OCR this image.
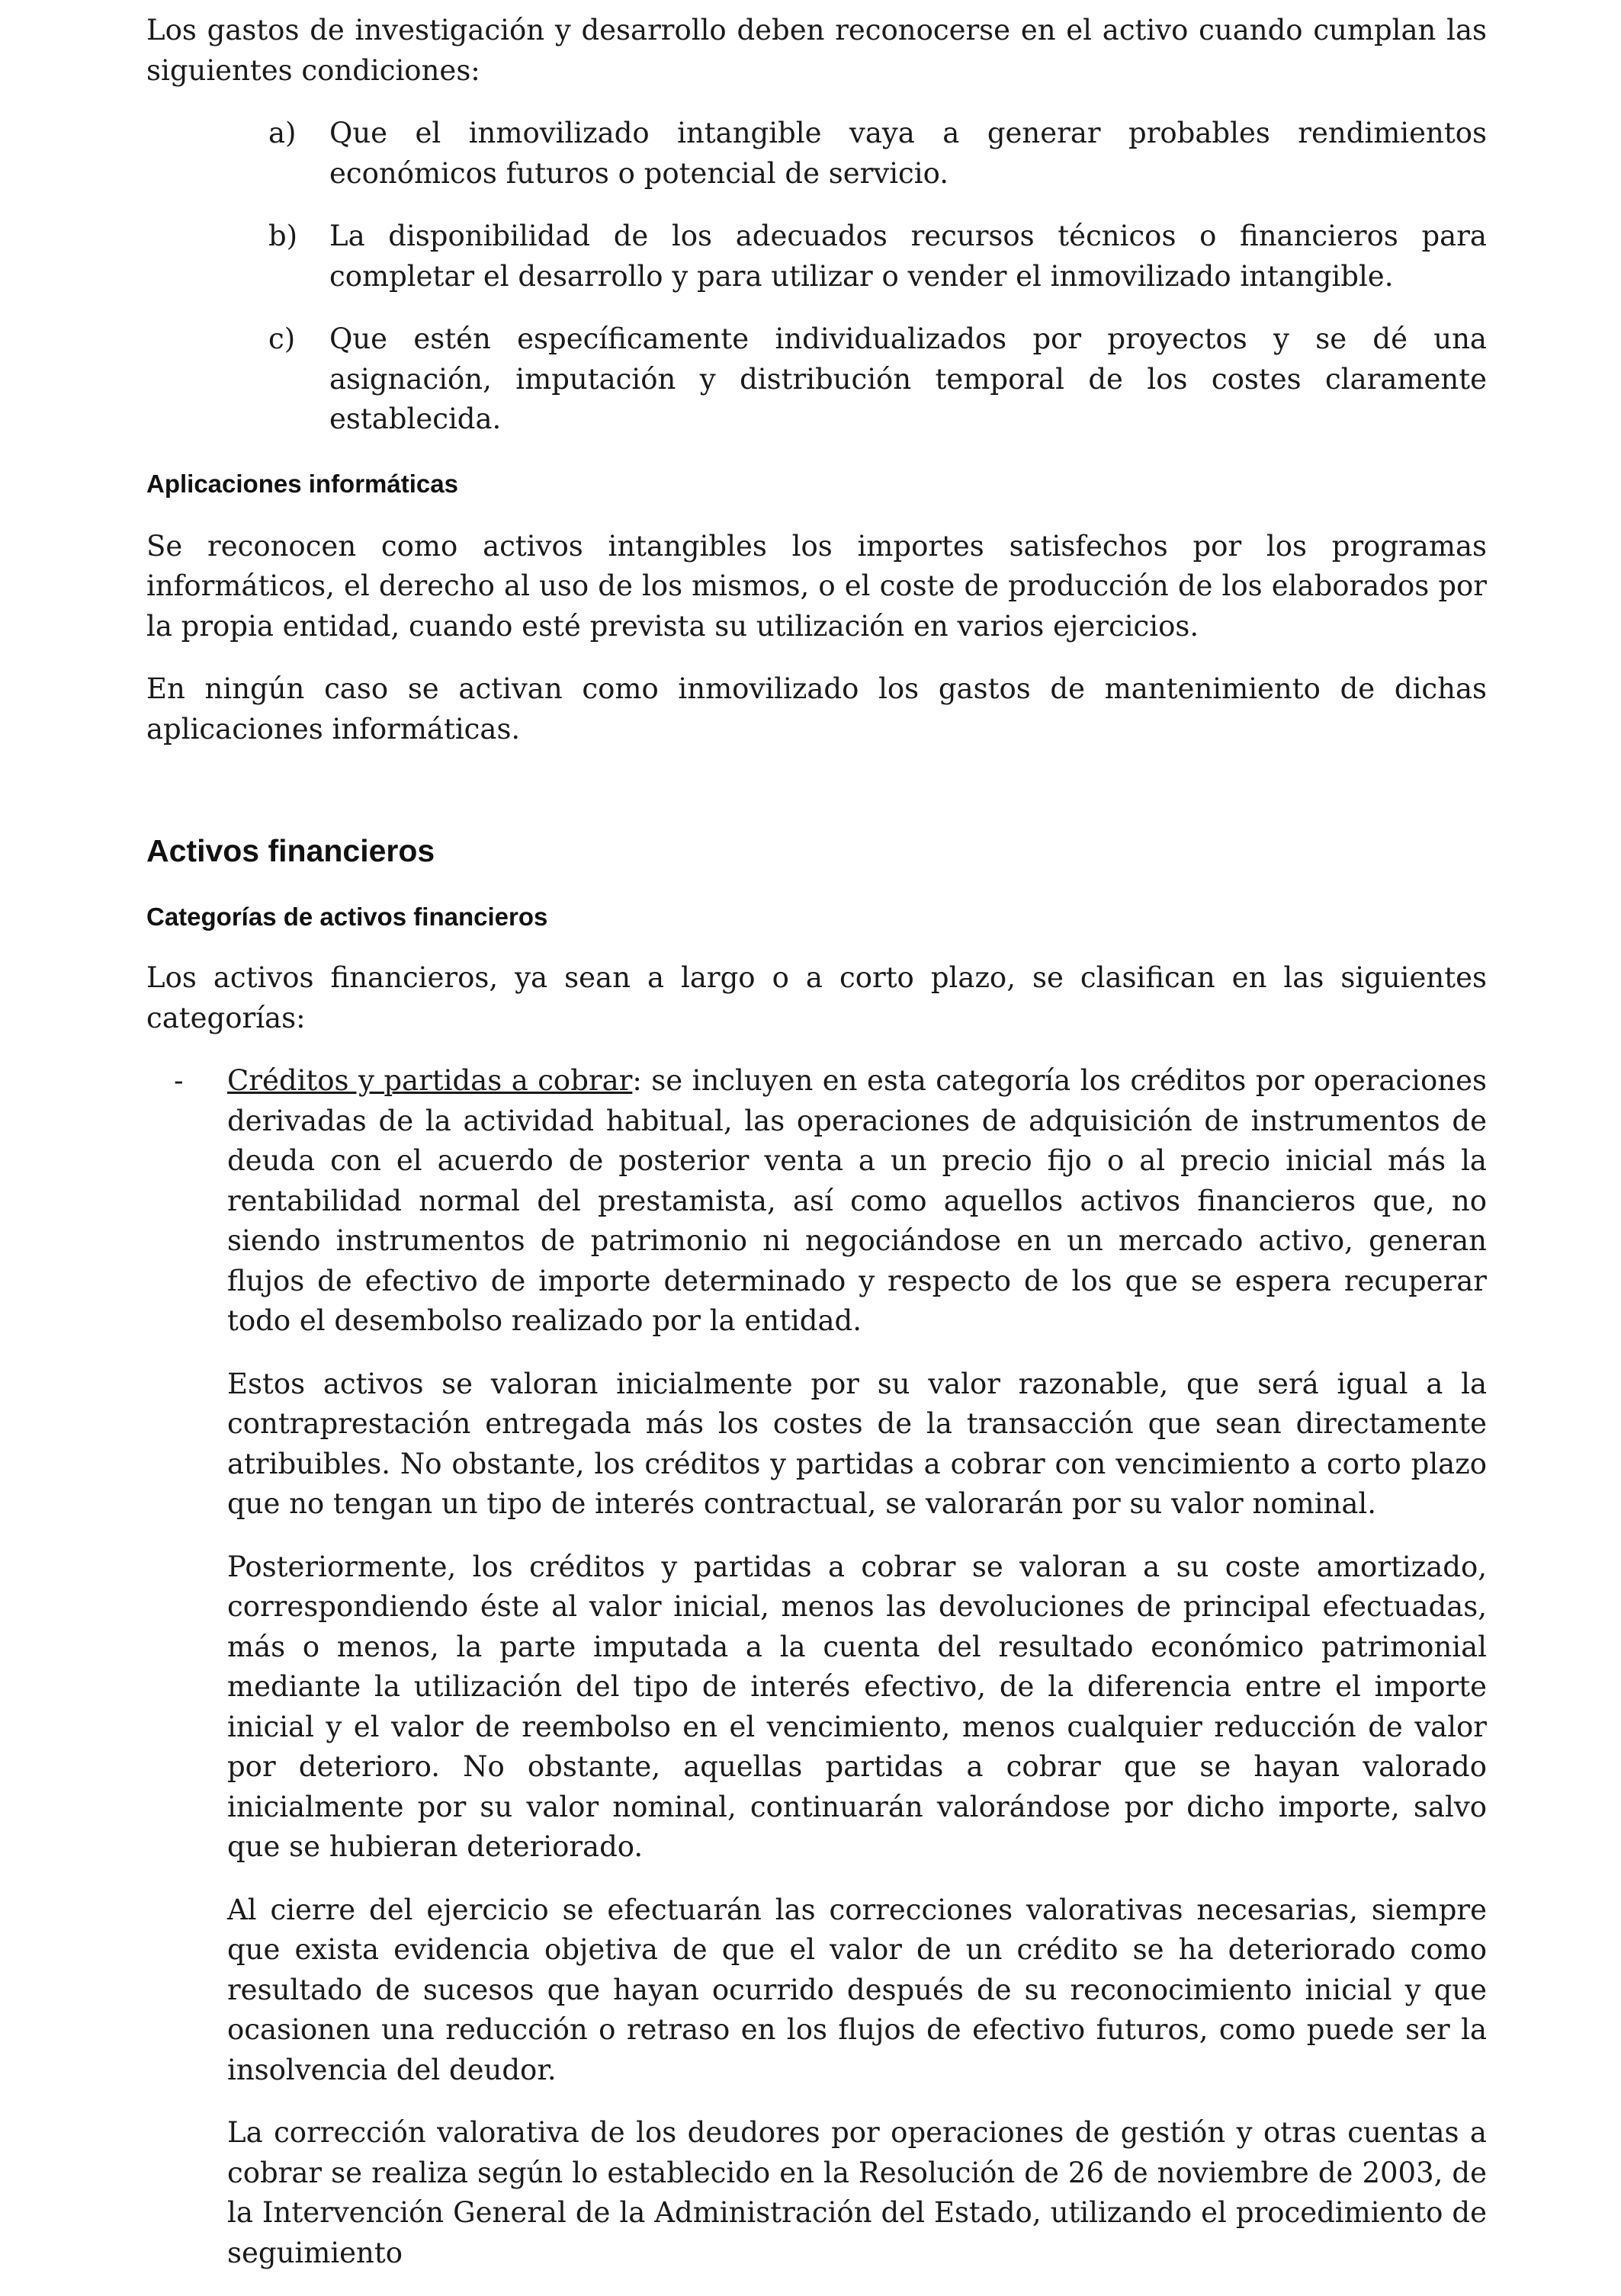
Los gastos de investigación y desarrollo deben reconocerse en el activo cuando cumplan las siguientes condiciones:

a)	Que el inmovilizado intangible vaya a generar probables rendimientos económicos futuros o potencial de servicio.
b)	La disponibilidad de los adecuados recursos técnicos o financieros para completar el desarrollo y para utilizar o vender el inmovilizado intangible.
c)	Que estén específicamente individualizados por proyectos y se dé una asignación, imputación y distribución temporal de los costes claramente establecida.
Aplicaciones informáticas

Se reconocen como activos intangibles los importes satisfechos por los programas informáticos, el derecho al uso de los mismos, o el coste de producción de los elaborados por la propia entidad, cuando esté prevista su utilización en varios ejercicios.

En ningún caso se activan como inmovilizado los gastos de mantenimiento de dichas aplicaciones informáticas.

Activos financieros
Categorías de activos financieros

Los activos financieros, ya sean a largo o a corto plazo, se clasifican en las siguientes categorías:

-	Créditos y partidas a cobrar: se incluyen en esta categoría los créditos por operaciones derivadas de la actividad habitual, las operaciones de adquisición de instrumentos de deuda con el acuerdo de posterior venta a un precio fijo o al precio inicial más la rentabilidad normal del prestamista, así como aquellos activos financieros que, no siendo instrumentos de patrimonio ni negociándose en un mercado activo, generan flujos de efectivo de importe determinado y respecto de los que se espera recuperar todo el desembolso realizado por la entidad.

Estos activos se valoran inicialmente por su valor razonable, que será igual a la contraprestación entregada más los costes de la transacción que sean directamente atribuibles. No obstante, los créditos y partidas a cobrar con vencimiento a corto plazo que no tengan un tipo de interés contractual, se valorarán por su valor nominal.

Posteriormente, los créditos y partidas a cobrar se valoran a su coste amortizado, correspondiendo éste al valor inicial, menos las devoluciones de principal efectuadas, más o menos, la parte imputada a la cuenta del resultado económico patrimonial mediante la utilización del tipo de interés efectivo, de la diferencia entre el importe inicial y el valor de reembolso en el vencimiento, menos cualquier reducción de valor por deterioro. No obstante, aquellas partidas a cobrar que se hayan valorado inicialmente por su valor nominal, continuarán valorándose por dicho importe, salvo que se hubieran deteriorado.

Al cierre del ejercicio se efectuarán las correcciones valorativas necesarias, siempre que exista evidencia objetiva de que el valor de un crédito se ha deteriorado como resultado de sucesos que hayan ocurrido después de su reconocimiento inicial y que ocasionen una reducción o retraso en los flujos de efectivo futuros, como puede ser la insolvencia del deudor.

La corrección valorativa de los deudores por operaciones de gestión y otras cuentas a cobrar se realiza según lo establecido en la Resolución de 26 de noviembre de 2003, de la Intervención General de la Administración del Estado, utilizando el procedimiento de seguimiento
